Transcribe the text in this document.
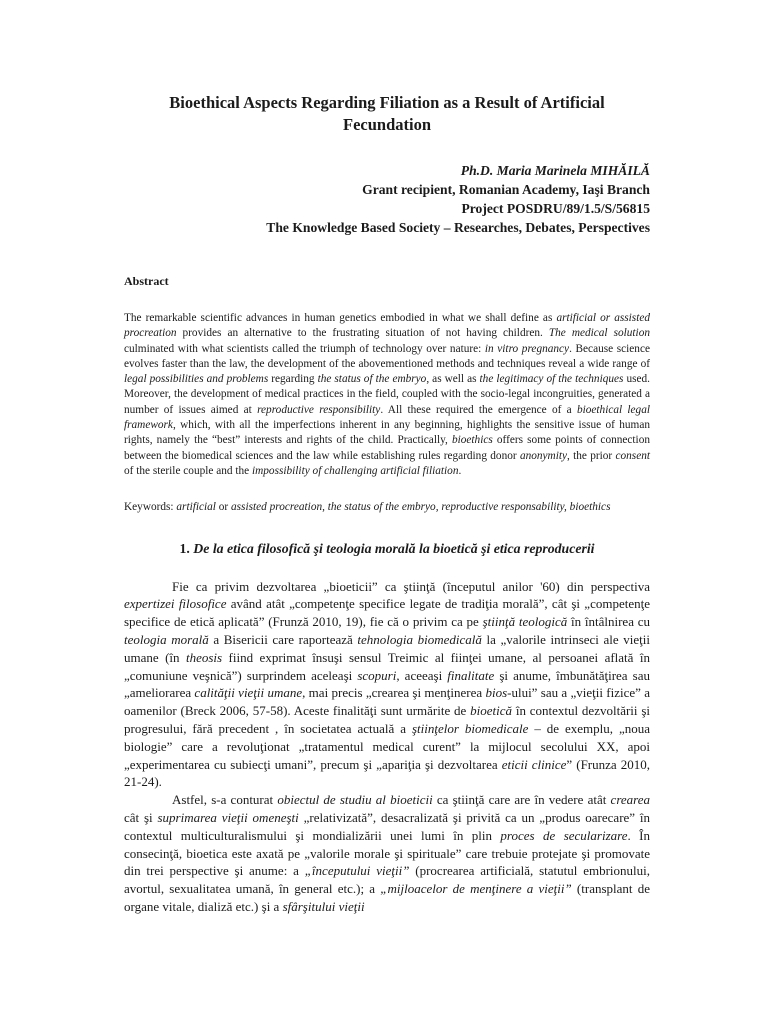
Bioethical Aspects Regarding Filiation as a Result of Artificial Fecundation
Ph.D. Maria Marinela MIHĂILĂ
Grant recipient, Romanian Academy, Iaşi Branch
Project POSDRU/89/1.5/S/56815
The Knowledge Based Society – Researches, Debates, Perspectives
Abstract

The remarkable scientific advances in human genetics embodied in what we shall define as artificial or assisted procreation provides an alternative to the frustrating situation of not having children. The medical solution culminated with what scientists called the triumph of technology over nature: in vitro pregnancy. Because science evolves faster than the law, the development of the abovementioned methods and techniques reveal a wide range of legal possibilities and problems regarding the status of the embryo, as well as the legitimacy of the techniques used. Moreover, the development of medical practices in the field, coupled with the socio-legal incongruities, generated a number of issues aimed at reproductive responsibility. All these required the emergence of a bioethical legal framework, which, with all the imperfections inherent in any beginning, highlights the sensitive issue of human rights, namely the “best” interests and rights of the child. Practically, bioethics offers some points of connection between the biomedical sciences and the law while establishing rules regarding donor anonymity, the prior consent of the sterile couple and the impossibility of challenging artificial filiation.

Keywords: artificial or assisted procreation, the status of the embryo, reproductive responsability, bioethics

1. De la etica filosofică şi teologia morală la bioetică şi etica reproducerii

Fie ca privim dezvoltarea „bioeticii” ca ştiinţă (începutul anilor '60) din perspectiva expertizei filosofice având atât „competenţe specifice legate de tradiţia morală”, cât şi „competenţe specifice de etică aplicată” (Frunză 2010, 19), fie că o privim ca pe ştiinţă teologică în întâlnirea cu teologia morală a Bisericii care raportează tehnologia biomedicală la „valorile intrinseci ale vieţii umane (în theosis fiind exprimat însuşi sensul Treimic al fiinţei umane, al persoanei aflată în „comuniune veşnică”) surprindem aceleaşi scopuri, aceeaşi finalitate şi anume, îmbunătăţirea sau „ameliorarea calităţii vieţii umane, mai precis „crearea şi menţinerea bios-ului” sau a „vieţii fizice” a oamenilor (Breck 2006, 57-58). Aceste finalităţi sunt urmărite de bioetică în contextul dezvoltării şi progresului, fără precedent , în societatea actuală a ştiinţelor biomedicale – de exemplu, „noua biologie” care a revoluţionat „tratamentul medical curent” la mijlocul secolului XX, apoi „experimentarea cu subiecţi umani”, precum şi „apariţia şi dezvoltarea eticii clinice” (Frunza 2010, 21-24).

Astfel, s-a conturat obiectul de studiu al bioeticii ca ştiinţă care are în vedere atât crearea cât şi suprimarea vieţii omeneşti „relativizată”, desacralizată şi privită ca un „produs oarecare” în contextul multiculturalismului şi mondializării unei lumi în plin proces de secularizare. În consecinţă, bioetica este axată pe „valorile morale şi spirituale” care trebuie protejate şi promovate din trei perspective şi anume: a „începutului vieţii” (procrearea artificială, statutul embrionului, avortul, sexualitatea umană, în general etc.); a „mijloacelor de menţinere a vieţii” (transplant de organe vitale, dializă etc.) şi a sfârşitului vieţii
